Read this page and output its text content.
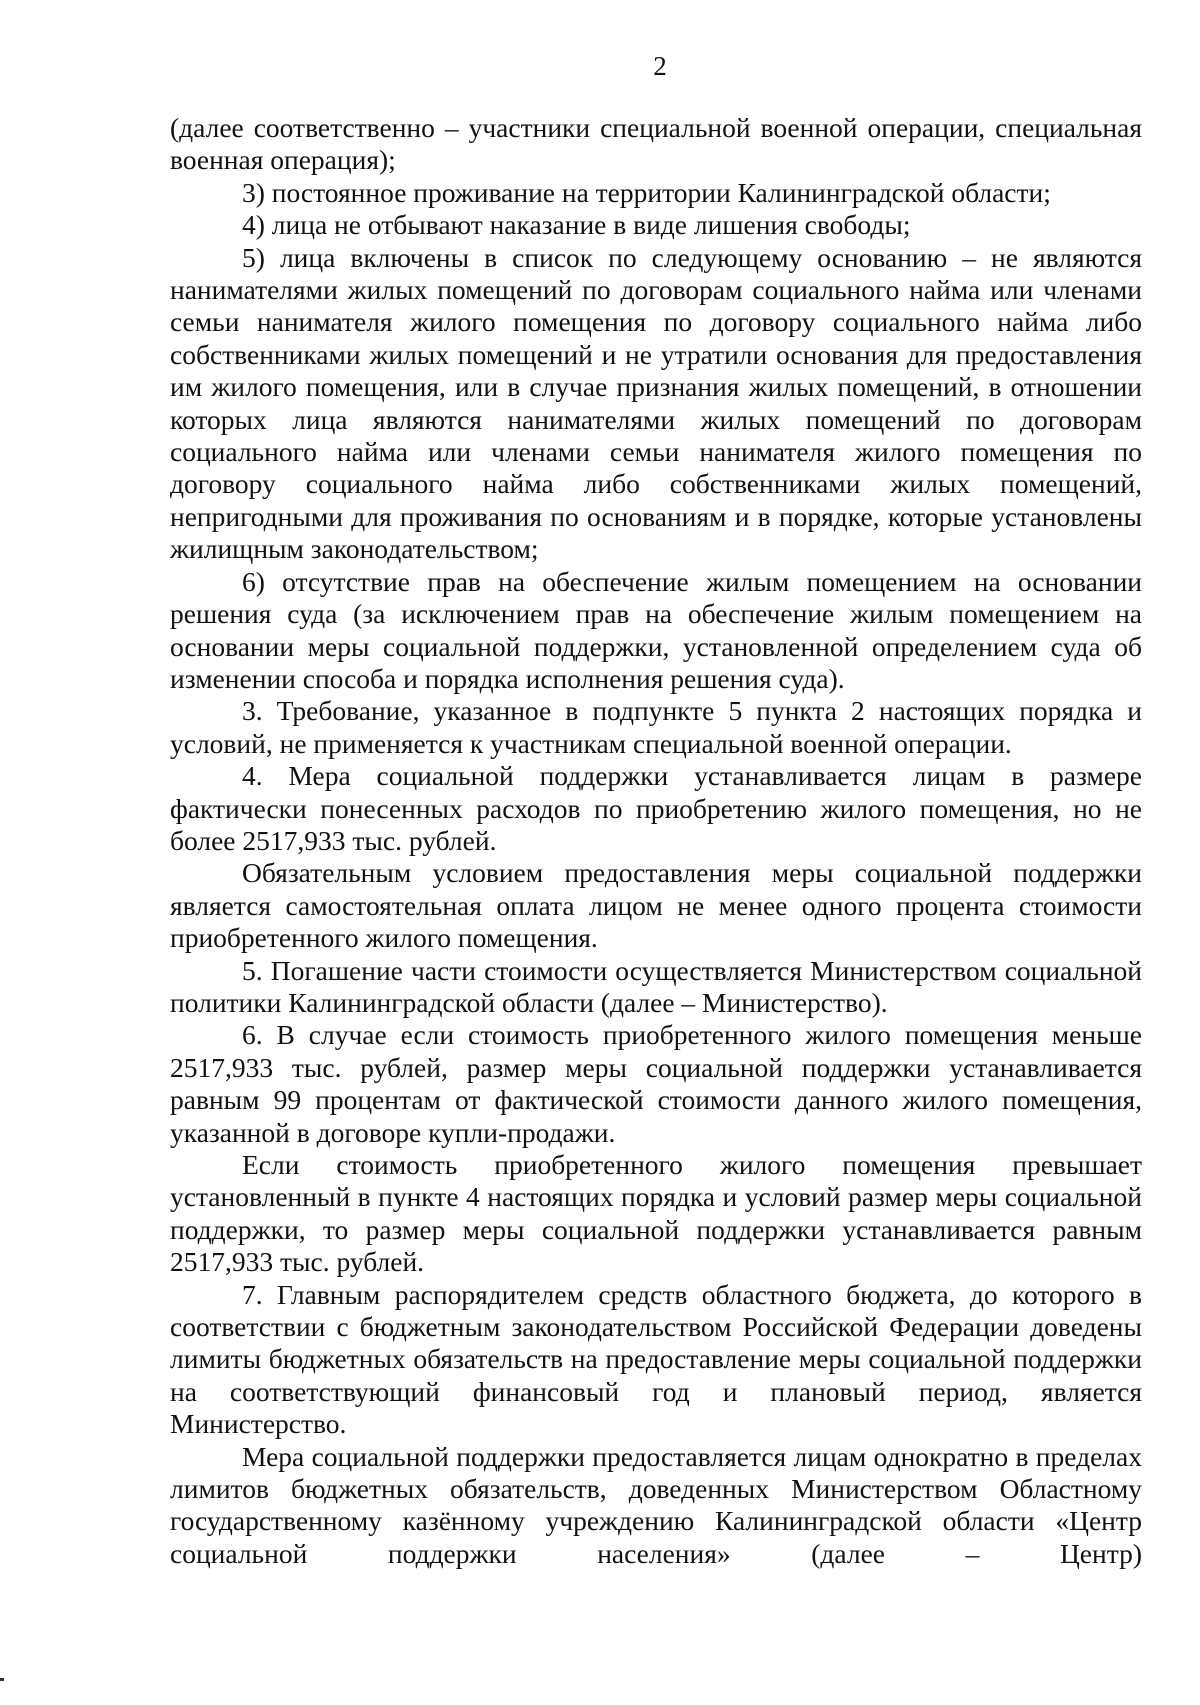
2

(далее соответственно – участники специальной военной операции, специальная военная операция);

3) постоянное проживание на территории Калининградской области;

4) лица не отбывают наказание в виде лишения свободы;

5) лица включены в список по следующему основанию – не являются нанимателями жилых помещений по договорам социального найма или членами семьи нанимателя жилого помещения по договору социального найма либо собственниками жилых помещений и не утратили основания для предоставления им жилого помещения, или в случае признания жилых помещений, в отношении которых лица являются нанимателями жилых помещений по договорам социального найма или членами семьи нанимателя жилого помещения по договору социального найма либо собственниками жилых помещений, непригодными для проживания по основаниям и в порядке, которые установлены жилищным законодательством;

6) отсутствие прав на обеспечение жилым помещением на основании решения суда (за исключением прав на обеспечение жилым помещением на основании меры социальной поддержки, установленной определением суда об изменении способа и порядка исполнения решения суда).

3. Требование, указанное в подпункте 5 пункта 2 настоящих порядка и условий, не применяется к участникам специальной военной операции.

4. Мера социальной поддержки устанавливается лицам в размере фактически понесенных расходов по приобретению жилого помещения, но не более 2517,933 тыс. рублей.

Обязательным условием предоставления меры социальной поддержки является самостоятельная оплата лицом не менее одного процента стоимости приобретенного жилого помещения.

5. Погашение части стоимости осуществляется Министерством социальной политики Калининградской области (далее – Министерство).

6. В случае если стоимость приобретенного жилого помещения меньше 2517,933 тыс. рублей, размер меры социальной поддержки устанавливается равным 99 процентам от фактической стоимости данного жилого помещения, указанной в договоре купли-продажи.

Если стоимость приобретенного жилого помещения превышает установленный в пункте 4 настоящих порядка и условий размер меры социальной поддержки, то размер меры социальной поддержки устанавливается равным 2517,933 тыс. рублей.

7. Главным распорядителем средств областного бюджета, до которого в соответствии с бюджетным законодательством Российской Федерации доведены лимиты бюджетных обязательств на предоставление меры социальной поддержки на соответствующий финансовый год и плановый период, является Министерство.

Мера социальной поддержки предоставляется лицам однократно в пределах лимитов бюджетных обязательств, доведенных Министерством Областному государственному казённому учреждению Калининградской области «Центр социальной поддержки населения» (далее – Центр)
